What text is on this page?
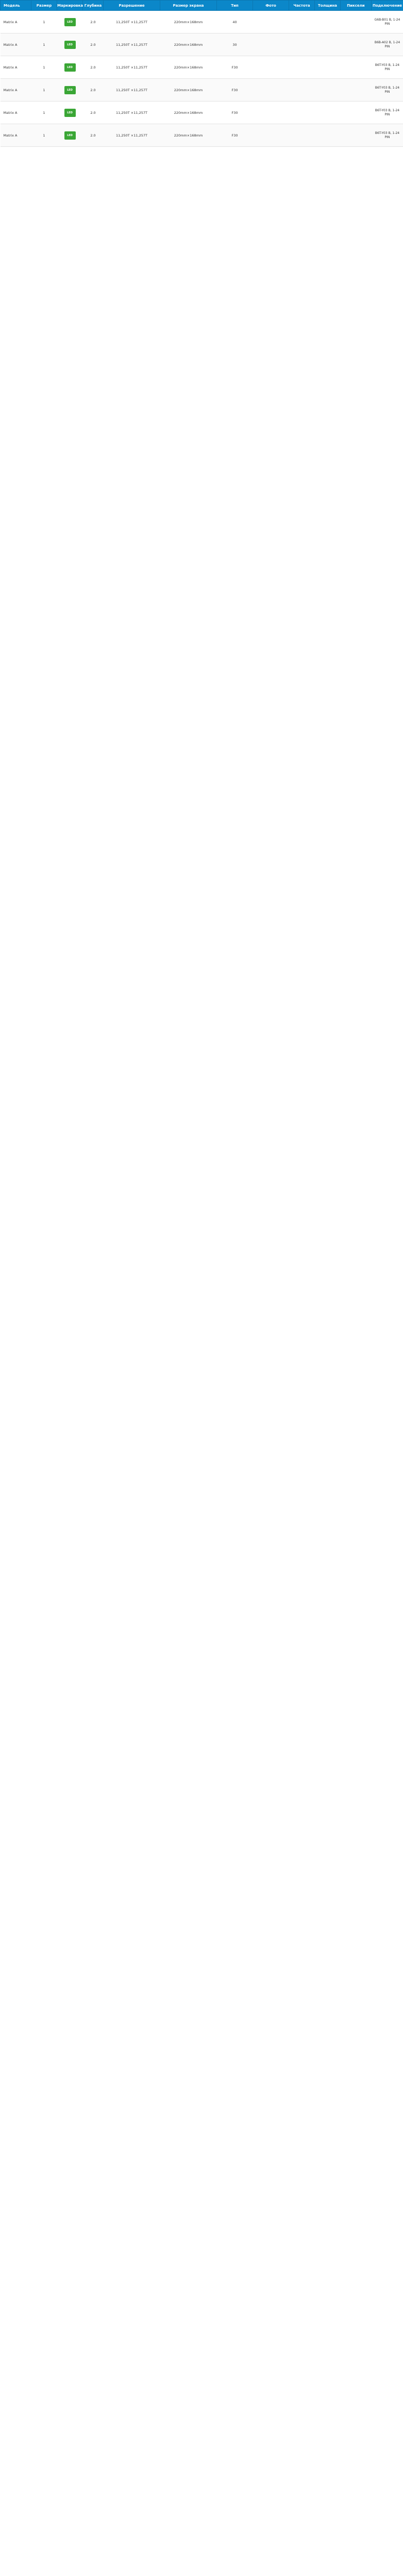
Модель	Размер	Маркировка	Глубина	Разрешение	Размер экрана	Тип	Фото	Частота	Толщина	Пиксели	Подключение
Matrix A	1	LED	2.0	11,250T ×11,257T	220mm×168mm	40					G6B-B01 B, 1-24 PIN
Matrix A	1	LED	2.0	11,250T ×11,257T	220mm×168mm	30					B6B-A02 B, 1-24 PIN
Matrix A	1	LED	2.0	11,250T ×11,257T	220mm×168mm	F30					B6T-Y03 B, 1-24 PIN
Matrix A	1	LED	2.0	11,250T ×11,257T	220mm×168mm	F30					B6T-Y03 B, 1-24 PIN
Matrix A	1	LED	2.0	11,250T ×11,257T	220mm×168mm	F30					B6T-Y03 B, 1-24 PIN
Matrix A	1	LED	2.0	11,250T ×11,257T	220mm×168mm	F30					B6T-Y03 B, 1-24 PIN
